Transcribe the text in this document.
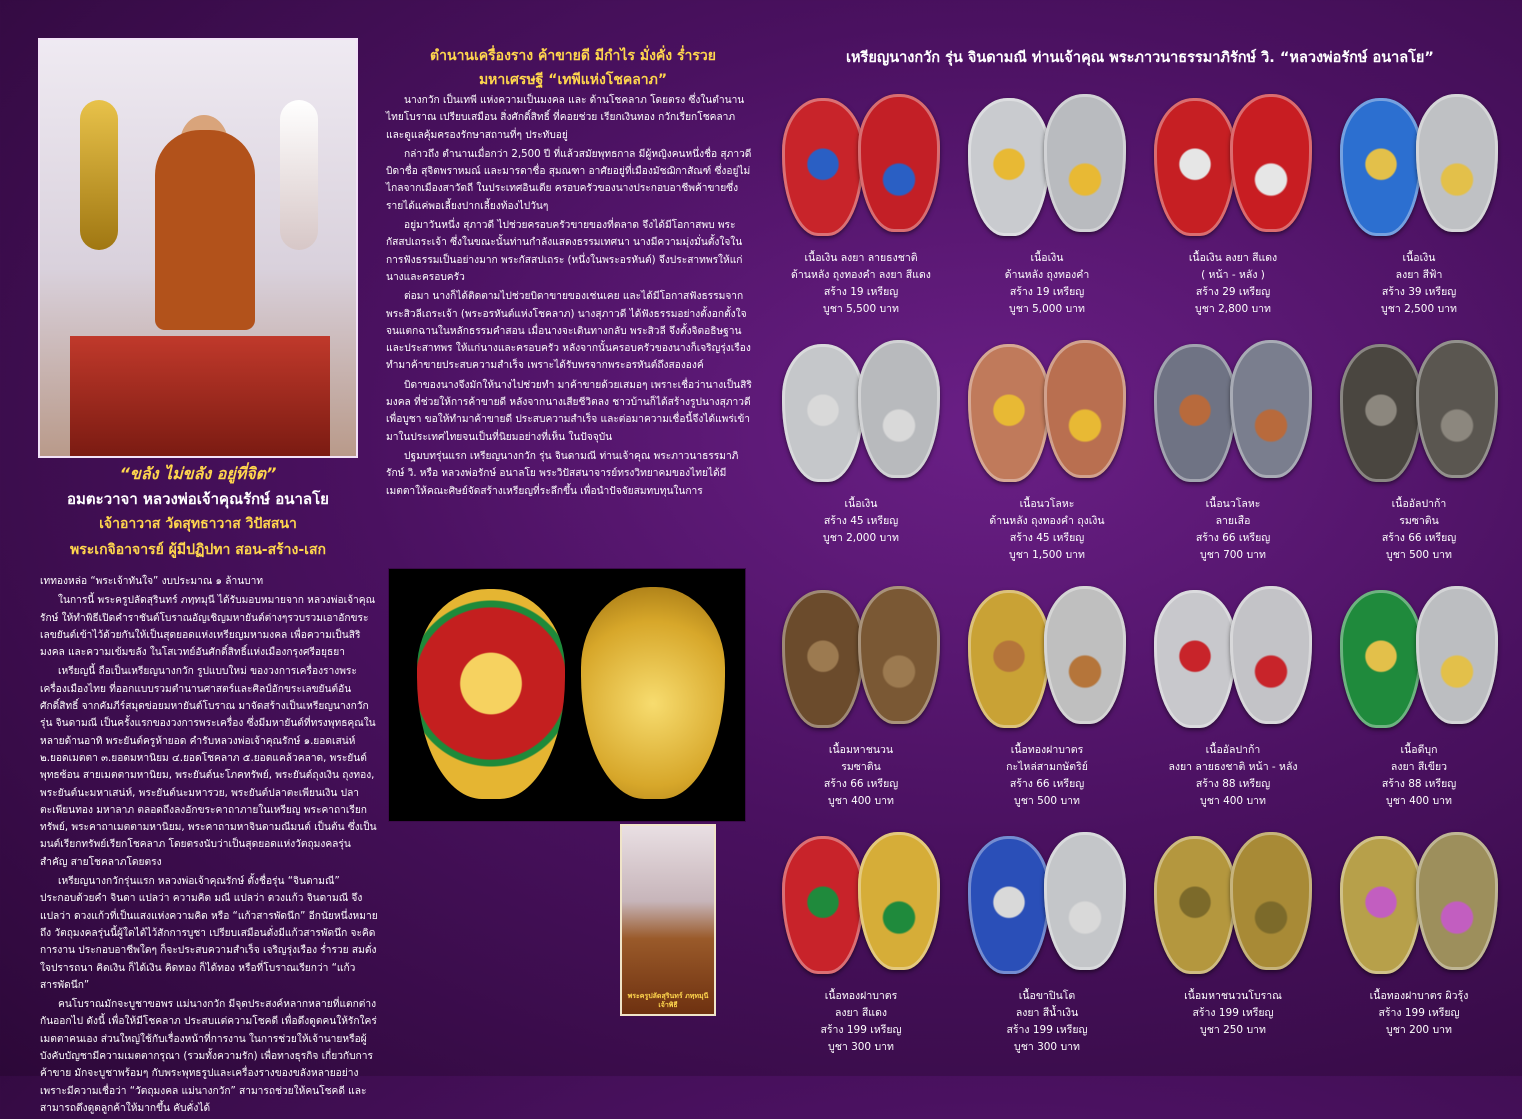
“ขลัง ไม่ขลัง อยู่ที่จิต”
อมตะวาจา หลวงพ่อเจ้าคุณรักษ์ อนาลโย
เจ้าอาวาส วัดสุทธาวาส วิปัสสนา
พระเกจิอาจารย์ ผู้มีปฏิปทา สอน-สร้าง-เสก

เททองหล่อ “พระเจ้าทันใจ” งบประมาณ ๑ ล้านบาท

ในการนี้ พระครูปลัดสุรินทร์ ภทฺทมุนี ได้รับมอบหมายจาก หลวงพ่อเจ้าคุณรักษ์ ให้ทำพิธีเปิดคำราชันต์โบราณอัญเชิญมหายันต์ต่างๆรวบรวมเอาอักขระเลขยันต์เข้าไว้ด้วยกันให้เป็นสุดยอดแห่งเหรียญมหามงคล เพื่อความเป็นสิริมงคล และความเข้มขลัง ในโสเวทย์อันศักดิ์สิทธิ์แห่งเมืองกรุงศรีอยุธยา

เหรียญนี้ ถือเป็นเหรียญนางกวัก รูปแบบใหม่ ของวงการเครื่องรางพระเครื่องเมืองไทย ที่ออกแบบรวมตำนานศาสตร์และศิลป์อักขระเลขยันต์อันศักดิ์สิทธิ์ จากคัมภีร์สมุดข่อยมหายันต์โบราณ มาจัดสร้างเป็นเหรียญนางกวัก รุ่น จินดามณี เป็นครั้งแรกของวงการพระเครื่อง ซึ่งมีมหายันต์ที่ทรงพุทธคุณในหลายด้านอาทิ พระยันต์ครูห้ายอด คำรับหลวงพ่อเจ้าคุณรักษ์ ๑.ยอดเสน่ห์ ๒.ยอดเมตตา ๓.ยอดมหานิยม ๔.ยอดโชคลาภ ๕.ยอดแคล้วคลาด, พระยันต์พุทธซ้อน สายเมตตามหานิยม, พระยันต์นะโภคทรัพย์, พระยันต์ถุงเงิน ถุงทอง, พระยันต์นะมหาเสน่ห์, พระยันต์นะมหารวย, พระยันต์ปลาตะเพียนเงิน ปลาตะเพียนทอง มหาลาภ ตลอดถึงลงอักขระคาถาภายในเหรียญ พระคาถาเรียกทรัพย์, พระคาถาเมตตามหานิยม, พระคาถามหาจินดามณีมนต์ เป็นต้น ซึ่งเป็นมนต์เรียกทรัพย์เรียกโชคลาภ โดยตรงนับว่าเป็นสุดยอดแห่งวัตถุมงคลรุ่นสำคัญ สายโชคลาภโดยตรง

เหรียญนางกวักรุ่นแรก หลวงพ่อเจ้าคุณรักษ์ ตั้งชื่อรุ่น “จินดามณี” ประกอบด้วยคำ จินดา แปลว่า ความคิด มณี แปลว่า ดวงแก้ว จินดามณี จึงแปลว่า ดวงแก้วที่เป็นแสงแห่งความคิด หรือ “แก้วสารพัดนึก” อีกนัยหนึ่งหมายถึง วัตถุมงคลรุ่นนี้ผู้ใดได้ไว้สักการบูชา เปรียบเสมือนดั่งมีแก้วสารพัดนึก จะคิดการงาน ประกอบอาชีพใดๆ ก็จะประสบความสำเร็จ เจริญรุ่งเรือง ร่ำรวย สมดั่งใจปรารถนา คิดเงิน ก็ได้เงิน คิดทอง ก็ได้ทอง หรือที่โบราณเรียกว่า “แก้วสารพัดนึก”

คนโบราณมักจะบูชาขอพร แม่นางกวัก มีจุดประสงค์หลากหลายที่แตกต่างกันออกไป ดังนี้ เพื่อให้มีโชคลาภ ประสบแต่ความโชคดี เพื่อดึงดูดคนให้รักใคร่เมตตาคนเอง ส่วนใหญ่ใช้กับเรื่องหน้าที่การงาน ในการช่วยให้เจ้านายหรือผู้บังคับบัญชามีความเมตตากรุณา (รวมทั้งความรัก) เพื่อทางธุรกิจ เกี่ยวกับการค้าขาย มักจะบูชาพร้อมๆ กับพระพุทธรูปและเครื่องรางของขลังหลายอย่าง เพราะมีความเชื่อว่า “วัตถุมงคล แม่นางกวัก” สามารถช่วยให้คนโชคดี และสามารถดึงดูดลูกค้าให้มากขึ้น คับคั่งได้

ตำนานเครื่องราง ค้าขายดี มีกำไร มั่งคั่ง ร่ำรวย
มหาเศรษฐี “เทพีแห่งโชคลาภ”

นางกวัก เป็นเทพี แห่งความเป็นมงคล และ ด้านโชคลาภ โดยตรง ซึ่งในตำนานไทยโบราณ เปรียบเสมือน สิ่งศักดิ์สิทธิ์ ที่คอยช่วย เรียกเงินทอง กวักเรียกโชคลาภ และดูแลคุ้มครองรักษาสถานที่ๆ ประทับอยู่

กล่าวถึง ตำนานเมื่อกว่า 2,500 ปี ที่แล้วสมัยพุทธกาล มีผู้หญิงคนหนึ่งชื่อ สุภาวดี บิดาชื่อ สุจิตพราหมณ์ และมารดาชื่อ สุมณฑา อาศัยอยู่ที่เมืองมัชฌิกาสัณฑ์ ซึ่งอยู่ไม่ไกลจากเมืองสาวัตถี ในประเทศอินเดีย ครอบครัวของนางประกอบอาชีพค้าขายซึ่งรายได้แค่พอเลี้ยงปากเลี้ยงท้องไปวันๆ

อยู่มาวันหนึ่ง สุภาวดี ไปช่วยครอบครัวขายของที่ตลาด จึงได้มีโอกาสพบ พระกัสสปเถระเจ้า ซึ่งในขณะนั้นท่านกำลังแสดงธรรมเทศนา นางมีความมุ่งมั่นตั้งใจในการฟังธรรมเป็นอย่างมาก พระกัสสปเถระ (หนึ่งในพระอรหันต์) จึงประสาทพรให้แก่นางและครอบครัว

ต่อมา นางก็ได้ติดตามไปช่วยบิดาขายของเช่นเคย และได้มีโอกาสฟังธรรมจาก พระสิวลีเถระเจ้า (พระอรหันต์แห่งโชคลาภ) นางสุภาวดี ได้ฟังธรรมอย่างตั้งอกตั้งใจจนแตกฉานในหลักธรรมคำสอน เมื่อนางจะเดินทางกลับ พระสิวลี จึงตั้งจิตอธิษฐานและประสาทพร ให้แก่นางและครอบครัว หลังจากนั้นครอบครัวของนางก็เจริญรุ่งเรือง ทำมาค้าขายประสบความสำเร็จ เพราะได้รับพรจากพระอรหันต์ถึงสององค์

บิดาของนางจึงมักให้นางไปช่วยทำ มาค้าขายด้วยเสมอๆ เพราะเชื่อว่านางเป็นสิริมงคล ที่ช่วยให้การค้าขายดี หลังจากนางเสียชีวิตลง ชาวบ้านก็ได้สร้างรูปนางสุภาวดีเพื่อบูชา ขอให้ทำมาค้าขายดี ประสบความสำเร็จ และต่อมาความเชื่อนี้จึงได้แพร่เข้ามาในประเทศไทยจนเป็นที่นิยมอย่างที่เห็น ในปัจจุบัน

ปฐมบทรุ่นแรก เหรียญนางกวัก รุ่น จินดามณี ท่านเจ้าคุณ พระภาวนาธรรมาภิรักษ์ วิ. หรือ หลวงพ่อรักษ์ อนาลโย พระวิปัสสนาจารย์ทรงวิทยาคมของไทยได้มีเมตตาให้คณะศิษย์จัดสร้างเหรียญที่ระลึกขึ้น เพื่อนำปัจจัยสมทบทุนในการ

พระครูปลัดสุรินทร์ ภทฺทมุนี
เจ้าพิธี
เหรียญนางกวัก รุ่น จินดามณี ท่านเจ้าคุณ พระภาวนาธรรมาภิรักษ์ วิ. “หลวงพ่อรักษ์ อนาลโย”
เนื้อเงิน ลงยา ลายธงชาติ
ด้านหลัง ถุงทองคำ ลงยา สีแดง
สร้าง 19 เหรียญ
บูชา 5,500 บาท
เนื้อเงิน
ด้านหลัง ถุงทองคำ
สร้าง 19 เหรียญ
บูชา 5,000 บาท
เนื้อเงิน ลงยา สีแดง
( หน้า - หลัง )
สร้าง 29 เหรียญ
บูชา 2,800 บาท
เนื้อเงิน
ลงยา สีฟ้า
สร้าง 39 เหรียญ
บูชา 2,500 บาท
เนื้อเงิน
สร้าง 45 เหรียญ
บูชา 2,000 บาท
เนื้อนวโลหะ
ด้านหลัง ถุงทองคำ ถุงเงิน
สร้าง 45 เหรียญ
บูชา 1,500 บาท
เนื้อนวโลหะ
ลายเสือ
สร้าง 66 เหรียญ
บูชา 700 บาท
เนื้ออัลปาก้า
รมซาติน
สร้าง 66 เหรียญ
บูชา 500 บาท
เนื้อมหาชนวน
รมซาติน
สร้าง 66 เหรียญ
บูชา 400 บาท
เนื้อทองฝาบาตร
กะไหล่สามกษัตริย์
สร้าง 66 เหรียญ
บูชา 500 บาท
เนื้ออัลปาก้า
ลงยา ลายธงชาติ หน้า - หลัง
สร้าง 88 เหรียญ
บูชา 400 บาท
เนื้อดีบุก
ลงยา สีเขียว
สร้าง 88 เหรียญ
บูชา 400 บาท
เนื้อทองฝาบาตร
ลงยา สีแดง
สร้าง 199 เหรียญ
บูชา 300 บาท
เนื้อขาปินโต
ลงยา สีน้ำเงิน
สร้าง 199 เหรียญ
บูชา 300 บาท
เนื้อมหาชนวนโบราณ
สร้าง 199 เหรียญ
บูชา 250 บาท
เนื้อทองฝาบาตร ผิวรุ้ง
สร้าง 199 เหรียญ
บูชา 200 บาท
